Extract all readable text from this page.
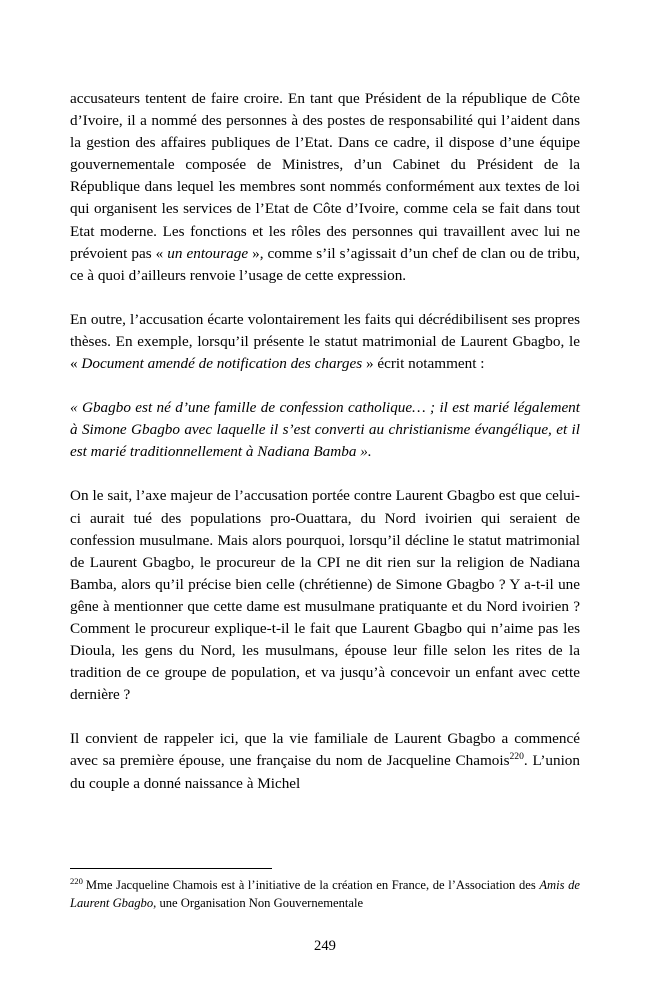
accusateurs tentent de faire croire. En tant que Président de la république de Côte d’Ivoire, il a nommé des personnes à des postes de responsabilité qui l’aident dans la gestion des affaires publiques de l’Etat. Dans ce cadre, il dispose d’une équipe gouvernementale composée de Ministres, d’un Cabinet du Président de la République dans lequel les membres sont nommés conformément aux textes de loi qui organisent les services de l’Etat de Côte d’Ivoire, comme cela se fait dans tout Etat moderne. Les fonctions et les rôles des personnes qui travaillent avec lui ne prévoient pas « un entourage », comme s’il s’agissait d’un chef de clan ou de tribu, ce à quoi d’ailleurs renvoie l’usage de cette expression.

En outre, l’accusation écarte volontairement les faits qui décrédibilisent ses propres thèses. En exemple, lorsqu’il présente le statut matrimonial de Laurent Gbagbo, le « Document amendé de notification des charges » écrit notamment :

« Gbagbo est né d’une famille de confession catholique… ; il est marié légalement à Simone Gbagbo avec laquelle il s’est converti au christianisme évangélique, et il est marié traditionnellement à Nadiana Bamba ».

On le sait, l’axe majeur de l’accusation portée contre Laurent Gbagbo est que celui-ci aurait tué des populations pro-Ouattara, du Nord ivoirien qui seraient de confession musulmane. Mais alors pourquoi, lorsqu’il décline le statut matrimonial de Laurent Gbagbo, le procureur de la CPI ne dit rien sur la religion de Nadiana Bamba, alors qu’il précise bien celle (chrétienne) de Simone Gbagbo ? Y a-t-il une gêne à mentionner que cette dame est musulmane pratiquante et du Nord ivoirien ? Comment le procureur explique-t-il le fait que Laurent Gbagbo qui n’aime pas les Dioula, les gens du Nord, les musulmans, épouse leur fille selon les rites de la tradition de ce groupe de population, et va jusqu’à concevoir un enfant avec cette dernière ?

Il convient de rappeler ici, que la vie familiale de Laurent Gbagbo a commencé avec sa première épouse, une française du nom de Jacqueline Chamois$^{220}$. L’union du couple a donné naissance à Michel

$^{220}$ Mme Jacqueline Chamois est à l’initiative de la création en France, de l’Association des Amis de Laurent Gbagbo, une Organisation Non Gouvernementale

249
